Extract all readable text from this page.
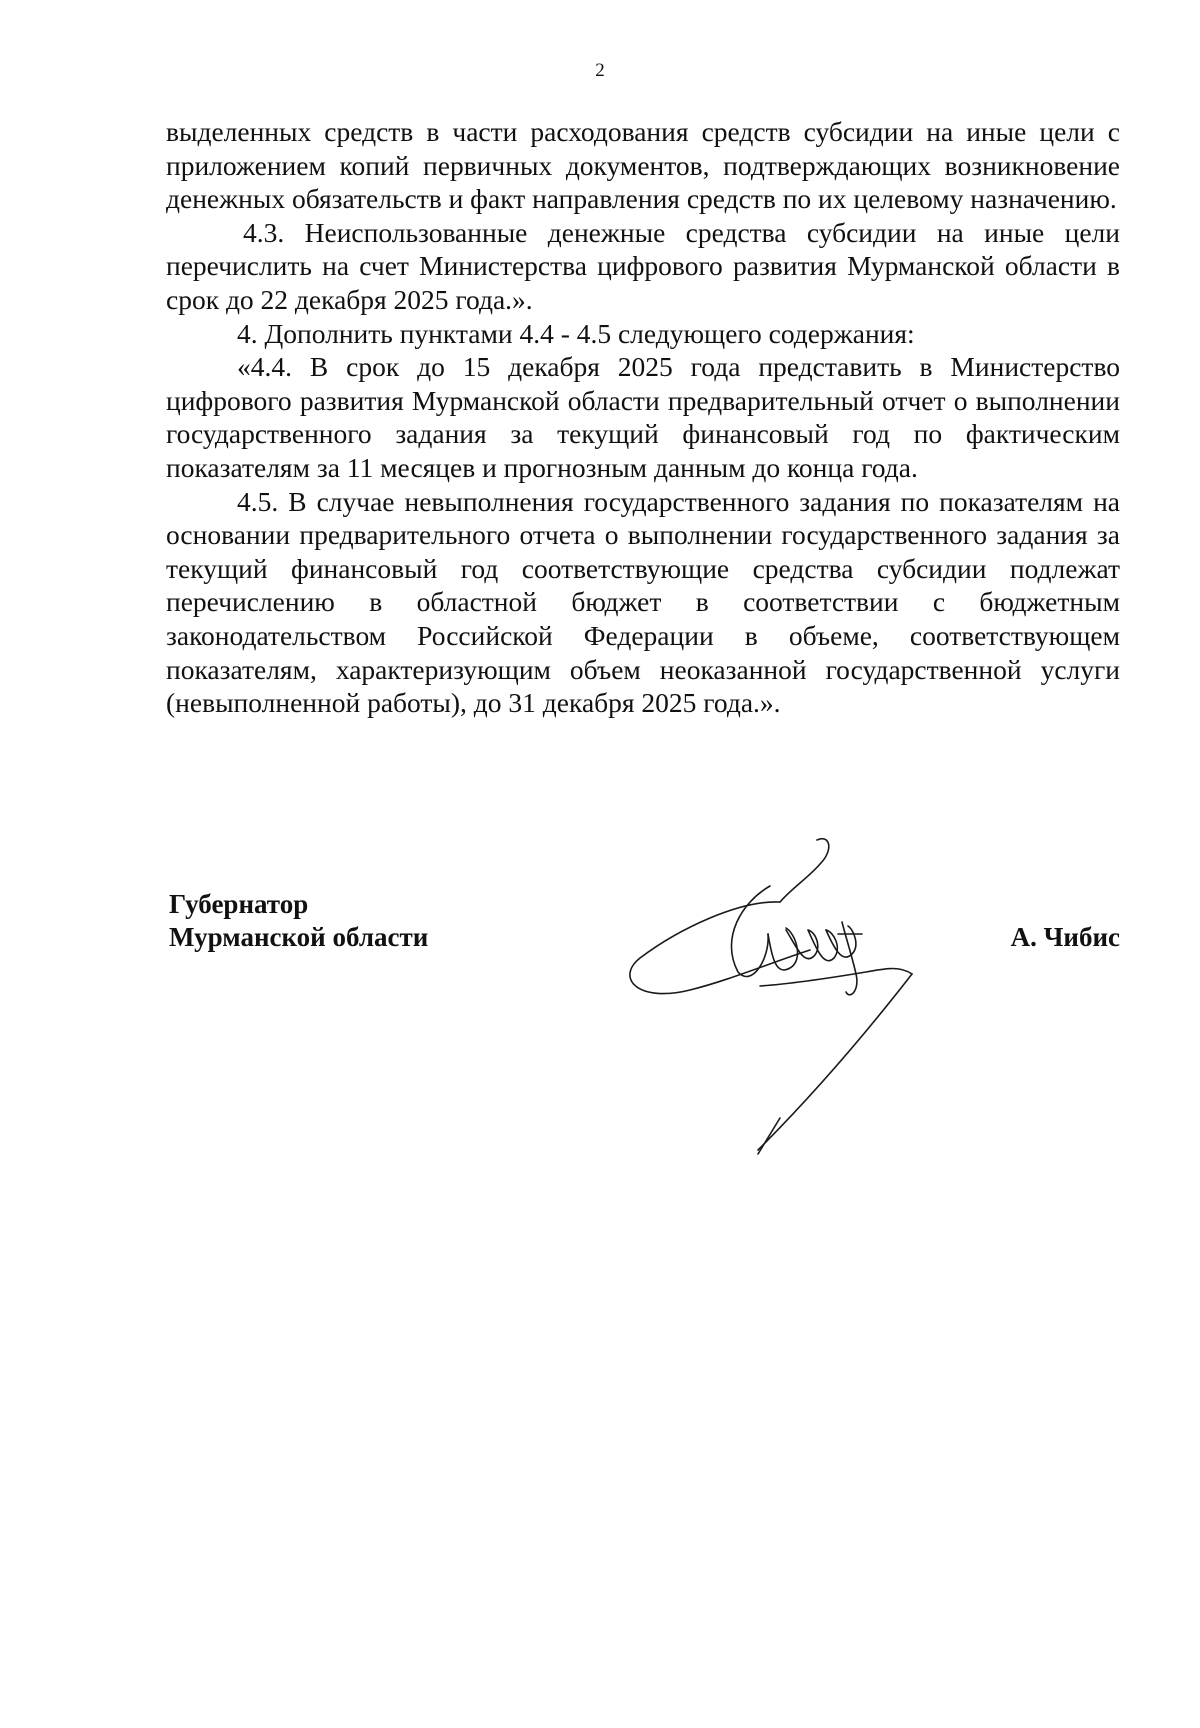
2

выделенных средств в части расходования средств субсидии на иные цели с приложением копий первичных документов, подтверждающих возникновение денежных обязательств и факт направления средств по их целевому назначению.

4.3. Неиспользованные денежные средства субсидии на иные цели перечислить на счет Министерства цифрового развития Мурманской области в срок до 22 декабря 2025 года.».

4. Дополнить пунктами 4.4 - 4.5 следующего содержания:

«4.4. В срок до 15 декабря 2025 года представить в Министерство цифрового развития Мурманской области предварительный отчет о выполнении государственного задания за текущий финансовый год по фактическим показателям за 11 месяцев и прогнозным данным до конца года.

4.5. В случае невыполнения государственного задания по показателям на основании предварительного отчета о выполнении государственного задания за текущий финансовый год соответствующие средства субсидии подлежат перечислению в областной бюджет в соответствии с бюджетным законодательством Российской Федерации в объеме, соответствующем показателям, характеризующим объем неоказанной государственной услуги (невыполненной работы), до 31 декабря 2025 года.».

Губернатор
Мурманской области	А. Чибис
